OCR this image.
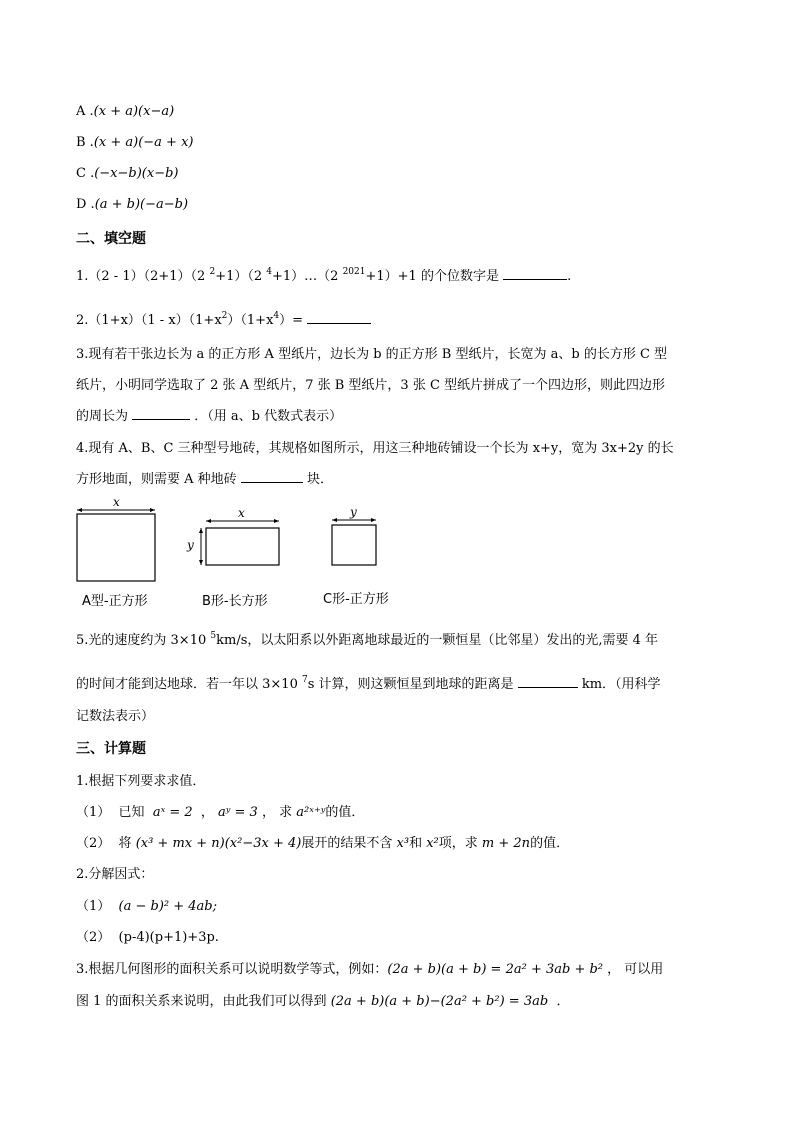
A .(x + a)(x−a)
B .(x + a)(−a + x)
C .(−x−b)(x−b)
D .(a + b)(−a−b)
二、填空题
1.（2 - 1）（2+1）（2 $^2$+1）（2 $^4$+1）…（2 $^{2021}$+1）+1 的个位数字是	.
$2.(1+x)(1 - x)(1+x^2)(1+x^4)=$
3.现有若干张边长为 a 的正方形 A 型纸片，边长为 b 的正方形 B 型纸片，长宽为 a、b 的长方形 C 型
纸片，小明同学选取了 2 张 A 型纸片，7 张 B 型纸片，3 张 C 型纸片拼成了一个四边形，则此四边形
的周长为	．（用 a、b 代数式表示）
4.现有 A、B、C 三种型号地砖，其规格如图所示，用这三种地砖铺设一个长为 x+y，宽为 3x+2y 的长
方形地面，则需要 A 种地砖	块．
x
A型-正方形
x
y
B形-长方形
y
C形-正方形
5.光的速度约为 3×10 $^5$km/s，以太阳系以外距离地球最近的一颗恒星（比邻星）发出的光,需要 4 年
的时间才能到达地球．若一年以 3×10 $^7$s 计算，则这颗恒星到地球的距离是	km．（用科学
记数法表示）
三、计算题
1.根据下列要求求值．
（1） 已知 aˣ = 2  ， aʸ = 3 ， 求 a²ˣ⁺ʸ的值．
（2） 将 (x³ + mx + n)(x²−3x + 4)展开的结果不含 x³和 x²项，求 m + 2n的值．
2.分解因式：
（1） (a − b)² + 4ab;
（2） (p-4)(p+1)+3p.
3.根据几何图形的面积关系可以说明数学等式，例如：(2a + b)(a + b) = 2a² + 3ab + b² ， 可以用
图 1 的面积关系来说明，由此我们可以得到 (2a + b)(a + b)−(2a² + b²) = 3ab ．
